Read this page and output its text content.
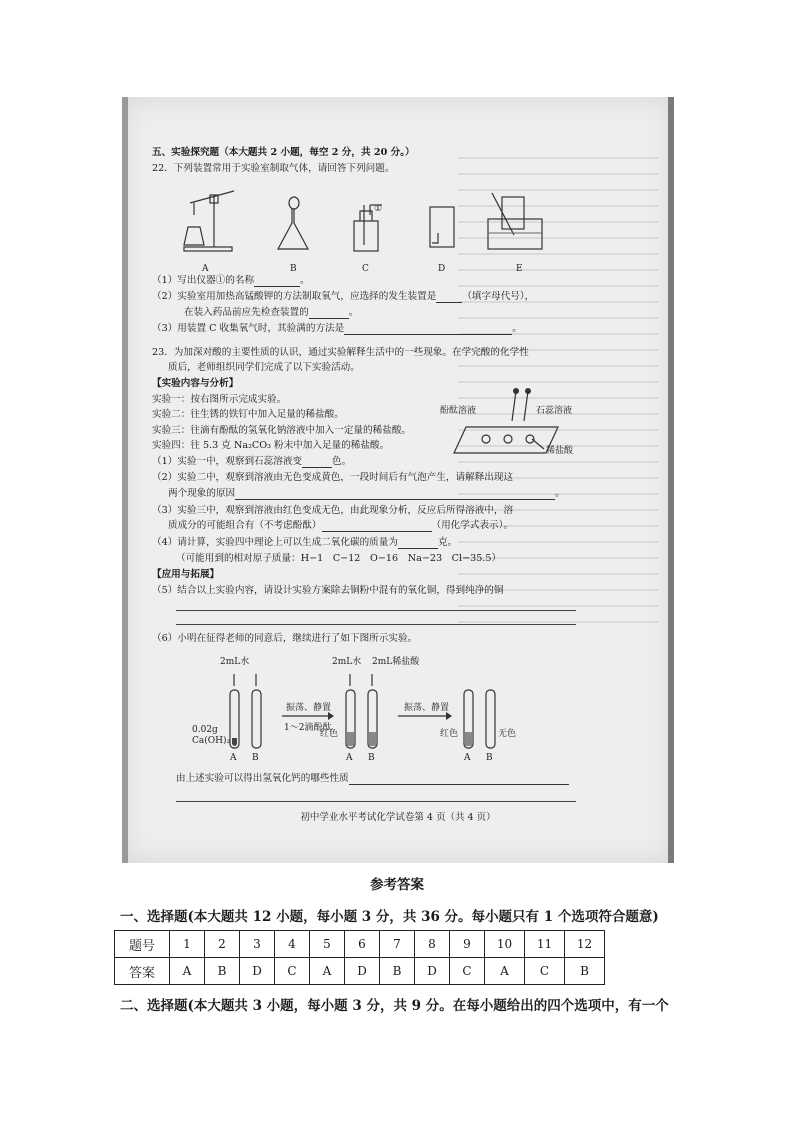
五、实验探究题（本大题共 2 小题，每空 2 分，共 20 分。）
22．下列装置常用于实验室制取气体，请回答下列问题。
①
A	B	C	D	E
（1）写出仪器①的名称	。
（2）实验室用加热高锰酸钾的方法制取氧气，应选择的发生装置是	（填字母代号），
在装入药品前应先检查装置的	。
（3）用装置 C 收集氧气时，其验满的方法是	。
23．为加深对酸的主要性质的认识，通过实验解释生活中的一些现象。在学完酸的化学性
质后，老师组织同学们完成了以下实验活动。
【实验内容与分析】
实验一：按右图所示完成实验。
实验二：往生锈的铁钉中加入足量的稀盐酸。
实验三：往滴有酚酞的氢氧化钠溶液中加入一定量的稀盐酸。
实验四：往 5.3 克 Na₂CO₃ 粉末中加入足量的稀盐酸。
酚酞溶液	石蕊溶液
稀盐酸
（1）实验一中，观察到石蕊溶液变	色。
（2）实验二中，观察到溶液由无色变成黄色，一段时间后有气泡产生，请解释出现这
两个现象的原因	。
（3）实验三中，观察到溶液由红色变成无色，由此现象分析，反应后所得溶液中，溶
质成分的可能组合有（不考虑酚酞）	（用化学式表示）。
（4）请计算，实验四中理论上可以生成二氧化碳的质量为	克。
（可能用到的相对原子质量：H−1　C−12　O−16　Na−23　Cl−35.5）
【应用与拓展】
（5）结合以上实验内容，请设计实验方案除去铜粉中混有的氧化铜，得到纯净的铜
（6）小明在征得老师的同意后，继续进行了如下图所示实验。
2mL水	2mL水 2mL稀盐酸
0.02g
Ca(OH)₂
振荡、静置
1～2滴酚酞
振荡、静置
红色	红色	无色
A B	A B	A B
由上述实验可以得出氢氧化钙的哪些性质
初中学业水平考试化学试卷第 4 页（共 4 页）
参考答案
一、选择题(本大题共 12 小题，每小题 3 分，共 36 分。每小题只有 1 个选项符合题意)
题号	1	2	3	4	5	6	7	8	9	10	11	12
答案	A	B	D	C	A	D	B	D	C	A	C	B
二、选择题(本大题共 3 小题，每小题 3 分，共 9 分。在每小题给出的四个选项中，有一个
